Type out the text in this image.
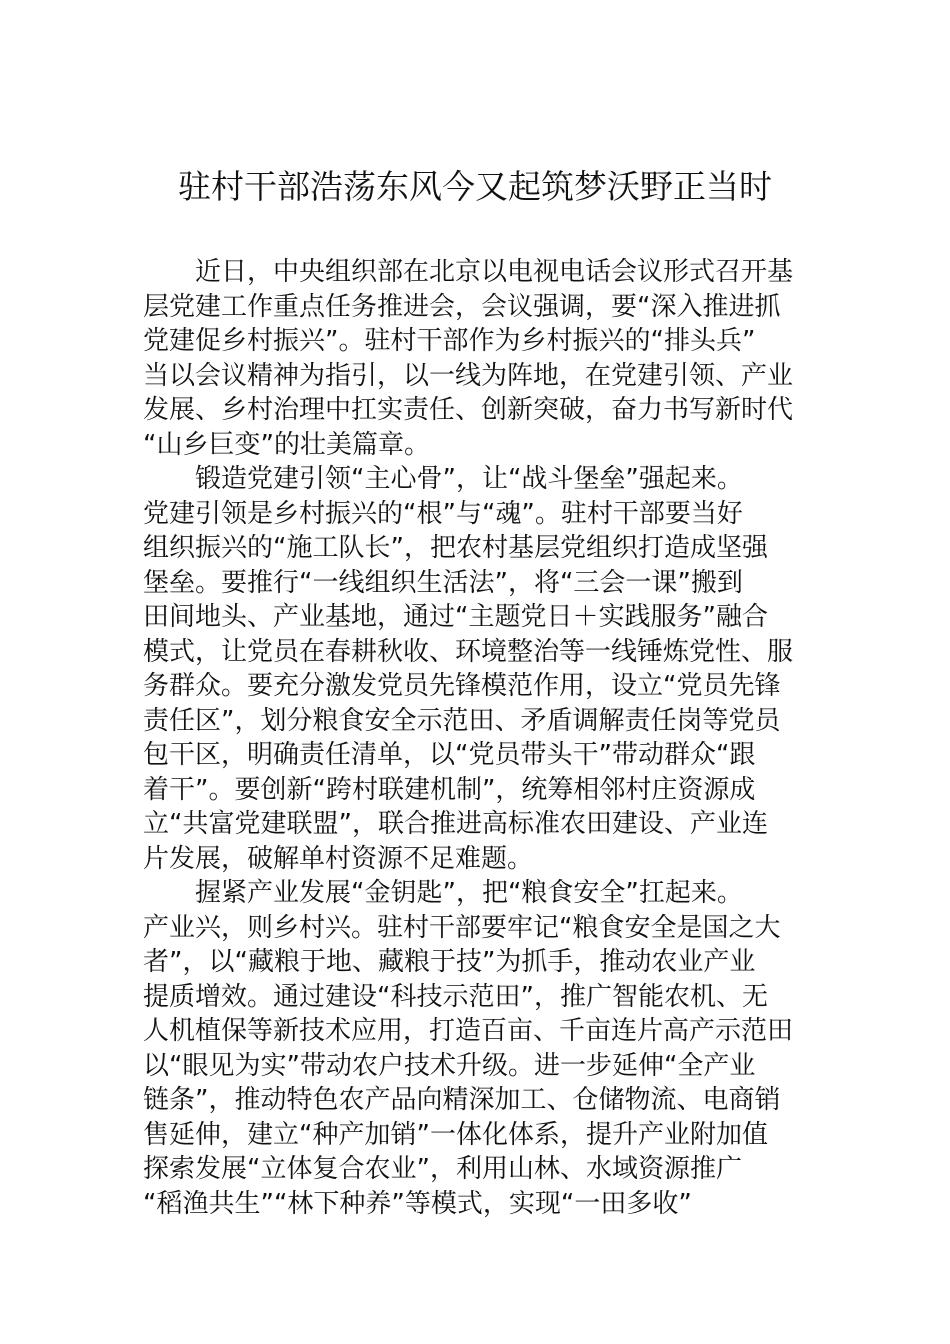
驻村干部浩荡东风今又起筑梦沃野正当时
　　近日，中央组织部在北京以电视电话会议形式召开基
层党建工作重点任务推进会，会议强调，要“深入推进抓
党建促乡村振兴”。驻村干部作为乡村振兴的“排头兵”
当以会议精神为指引，以一线为阵地，在党建引领、产业
发展、乡村治理中扛实责任、创新突破，奋力书写新时代
“山乡巨变”的壮美篇章。
　　锻造党建引领“主心骨”，让“战斗堡垒”强起来。
党建引领是乡村振兴的“根”与“魂”。驻村干部要当好
组织振兴的“施工队长”，把农村基层党组织打造成坚强
堡垒。要推行“一线组织生活法”，将“三会一课”搬到
田间地头、产业基地，通过“主题党日＋实践服务”融合
模式，让党员在春耕秋收、环境整治等一线锤炼党性、服
务群众。要充分激发党员先锋模范作用，设立“党员先锋
责任区”，划分粮食安全示范田、矛盾调解责任岗等党员
包干区，明确责任清单，以“党员带头干”带动群众“跟
着干”。要创新“跨村联建机制”，统筹相邻村庄资源成
立“共富党建联盟”，联合推进高标准农田建设、产业连
片发展，破解单村资源不足难题。
　　握紧产业发展“金钥匙”，把“粮食安全”扛起来。
产业兴，则乡村兴。驻村干部要牢记“粮食安全是国之大
者”，以“藏粮于地、藏粮于技”为抓手，推动农业产业
提质增效。通过建设“科技示范田”，推广智能农机、无
人机植保等新技术应用，打造百亩、千亩连片高产示范田
以“眼见为实”带动农户技术升级。进一步延伸“全产业
链条”，推动特色农产品向精深加工、仓储物流、电商销
售延伸，建立“种产加销”一体化体系，提升产业附加值
探索发展“立体复合农业”，利用山林、水域资源推广
“稻渔共生”“林下种养”等模式，实现“一田多收”
